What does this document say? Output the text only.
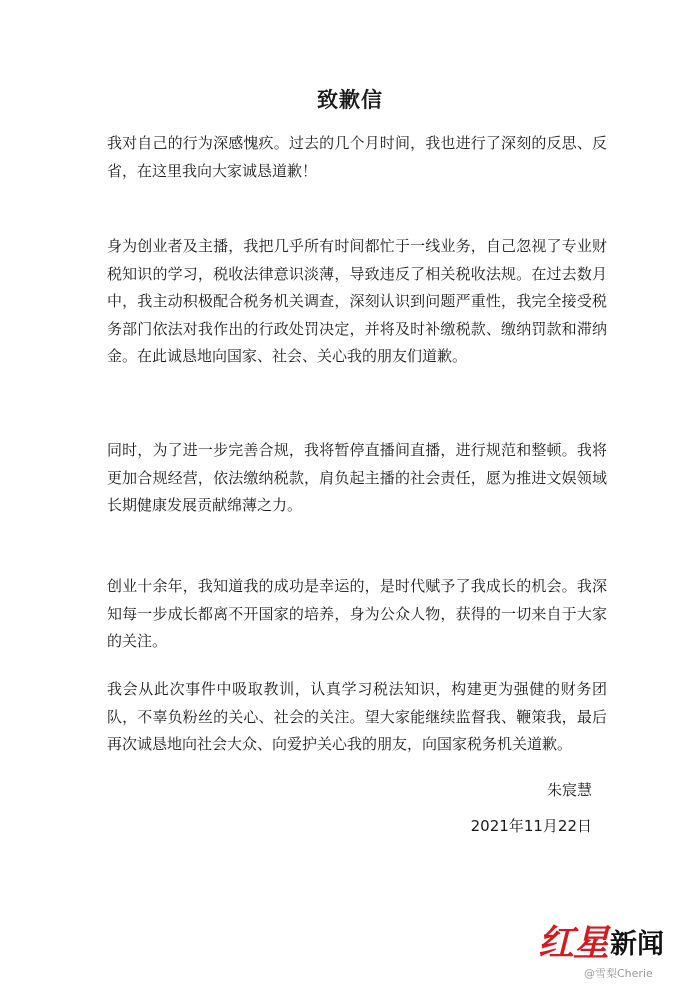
致歉信

我对自己的行为深感愧疚。过去的几个月时间，我也进行了深刻的反思、反省，在这里我向大家诚恳道歉！

身为创业者及主播，我把几乎所有时间都忙于一线业务，自己忽视了专业财税知识的学习，税收法律意识淡薄，导致违反了相关税收法规。在过去数月中，我主动积极配合税务机关调查，深刻认识到问题严重性，我完全接受税务部门依法对我作出的行政处罚决定，并将及时补缴税款、缴纳罚款和滞纳金。在此诚恳地向国家、社会、关心我的朋友们道歉。

同时，为了进一步完善合规，我将暂停直播间直播，进行规范和整顿。我将更加合规经营，依法缴纳税款，肩负起主播的社会责任，愿为推进文娱领域长期健康发展贡献绵薄之力。

创业十余年，我知道我的成功是幸运的，是时代赋予了我成长的机会。我深知每一步成长都离不开国家的培养，身为公众人物，获得的一切来自于大家的关注。

我会从此次事件中吸取教训，认真学习税法知识，构建更为强健的财务团队，不辜负粉丝的关心、社会的关注。望大家能继续监督我、鞭策我，最后再次诚恳地向社会大众、向爱护关心我的朋友，向国家税务机关道歉。

朱宸慧
2021年11月22日
红星 新闻
@雪梨Cherie
